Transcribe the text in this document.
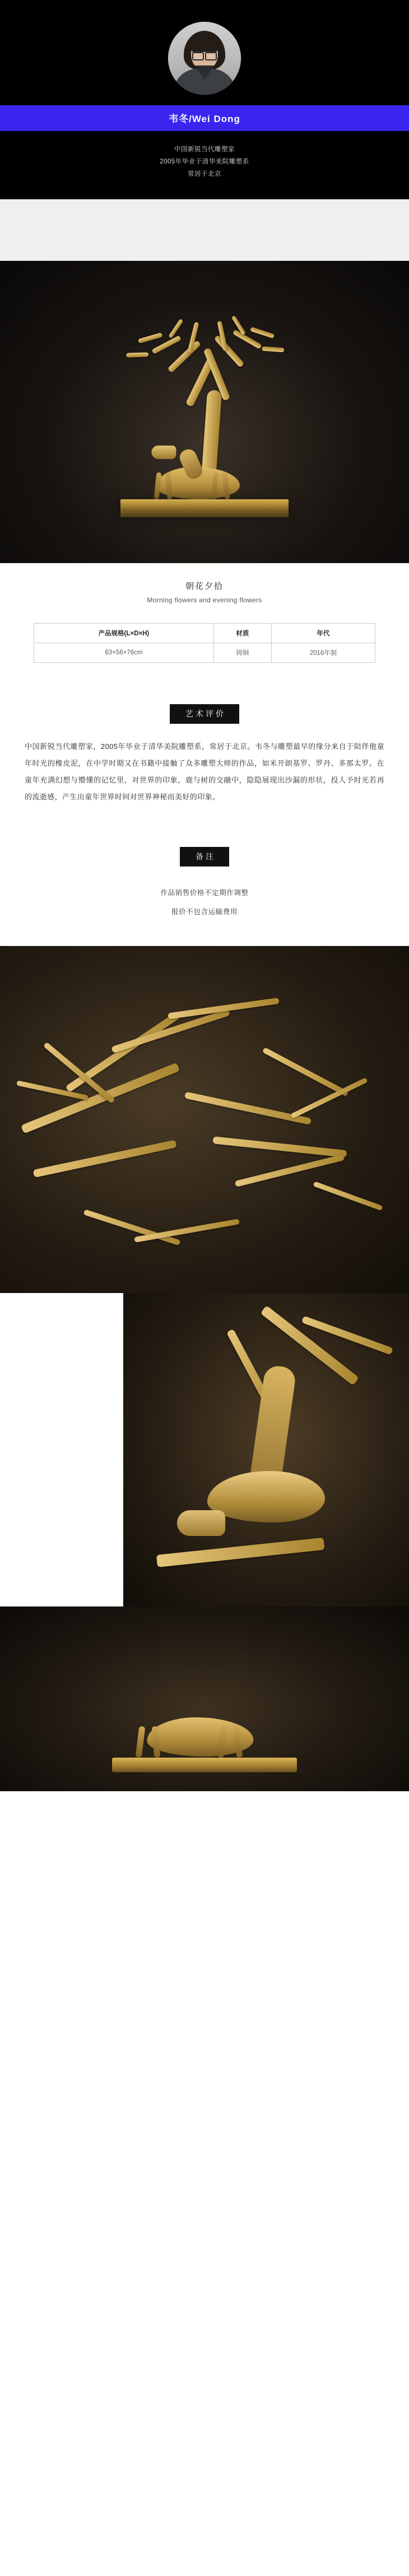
韦冬/Wei Dong

中国新锐当代雕塑家

2005年毕业于清华美院雕塑系

常居于北京

朝花夕拾
Morning flowers and evening flowers
产品规格(L×D×H)	材质	年代
63×56×76cm	铸铜	2016年制
艺术评价

中国新锐当代雕塑家，2005年毕业于清华美院雕塑系，常居于北京。韦冬与雕塑最早的缘分来自于陪伴他童年时光的橡皮泥，在中学时期又在书籍中接触了众多雕塑大师的作品，如米开朗基罗、罗丹、多那太罗。在童年充满幻想与懵懂的记忆里，对世界的印象，鹿与树的交融中，隐隐展现出沙漏的形状，投人予时光若再的流逝感，产生出童年世界时间对世界神秘而美好的印象。

备注

作品销售价格不定期作调整

报价不包含运输费用
